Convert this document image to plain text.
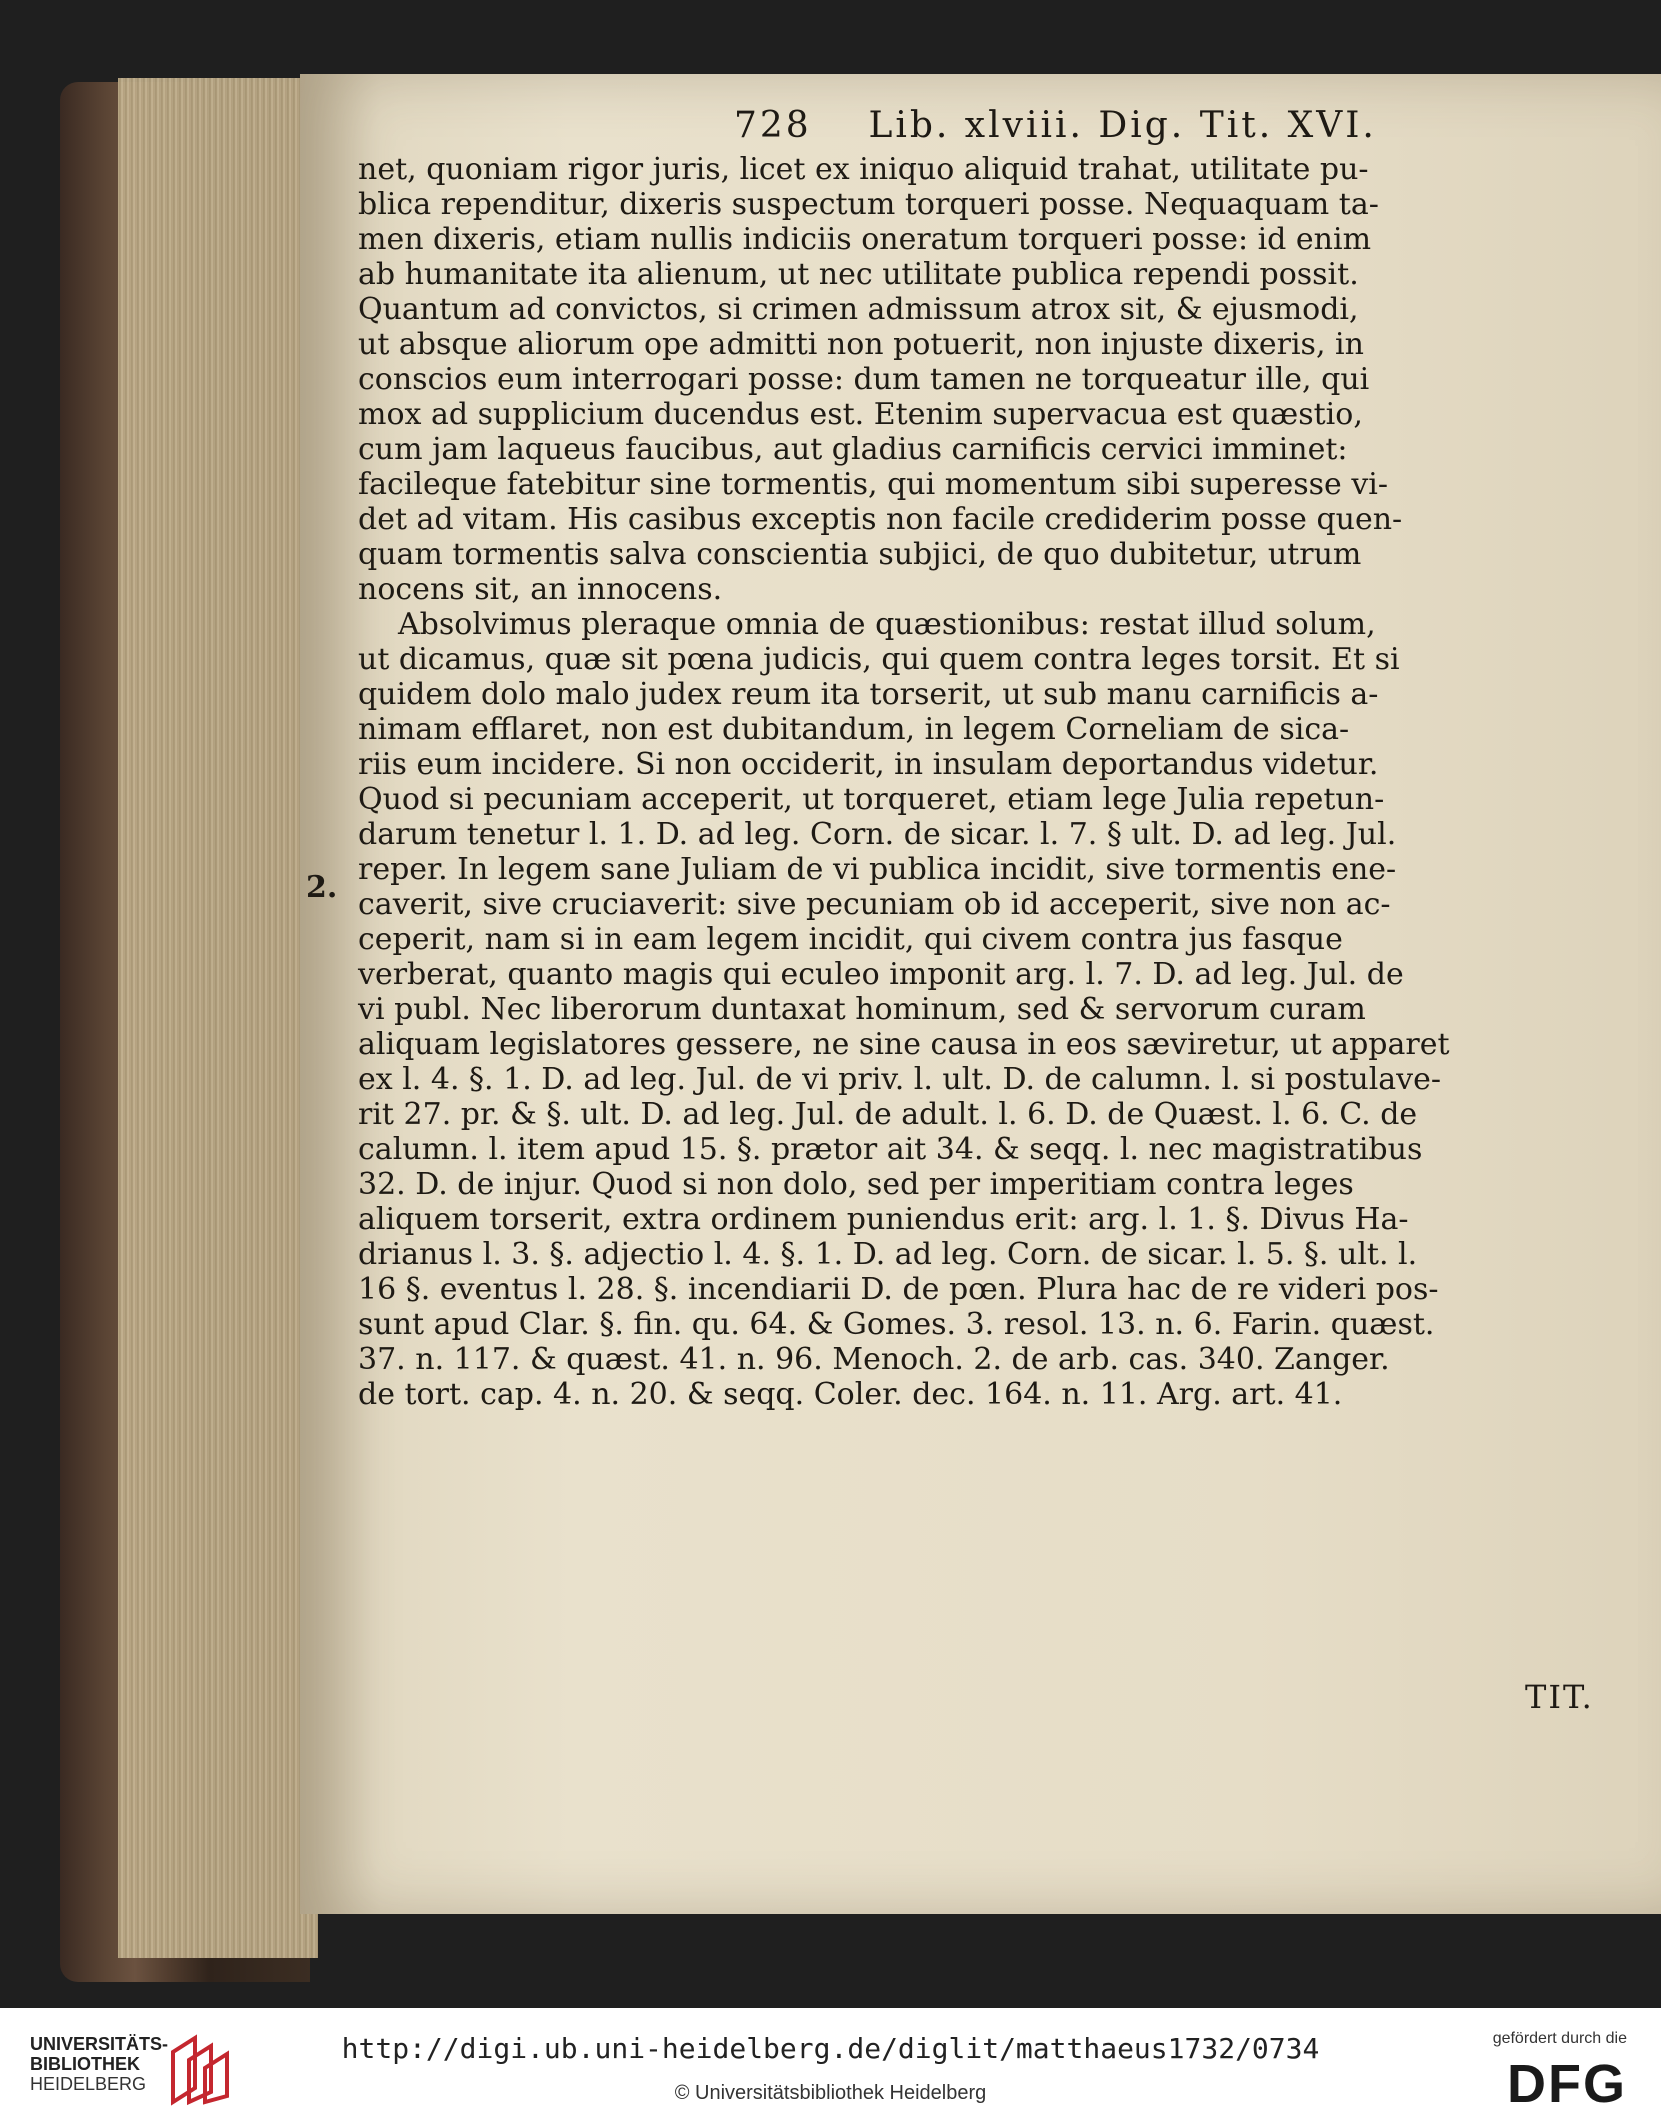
728 Lib. xlviii. Dig. Tit. XVI.
2.
net, quoniam rigor juris, licet ex iniquo aliquid trahat, utilitate pu-
blica rependitur, dixeris suspectum torqueri posse. Nequaquam ta-
men dixeris, etiam nullis indiciis oneratum torqueri posse: id enim
ab humanitate ita alienum, ut nec utilitate publica rependi possit.
Quantum ad convictos, si crimen admissum atrox sit, & ejusmodi,
ut absque aliorum ope admitti non potuerit, non injuste dixeris, in
conscios eum interrogari posse: dum tamen ne torqueatur ille, qui
mox ad supplicium ducendus est. Etenim supervacua est quæstio,
cum jam laqueus faucibus, aut gladius carnificis cervici imminet:
facileque fatebitur sine tormentis, qui momentum sibi superesse vi-
det ad vitam. His casibus exceptis non facile crediderim posse quen-
quam tormentis salva conscientia subjici, de quo dubitetur, utrum
nocens sit, an innocens.
Absolvimus pleraque omnia de quæstionibus: restat illud solum,
ut dicamus, quæ sit pœna judicis, qui quem contra leges torsit. Et si
quidem dolo malo judex reum ita torserit, ut sub manu carnificis a-
nimam efflaret, non est dubitandum, in legem Corneliam de sica-
riis eum incidere. Si non occiderit, in insulam deportandus videtur.
Quod si pecuniam acceperit, ut torqueret, etiam lege Julia repetun-
darum tenetur l. 1. D. ad leg. Corn. de sicar. l. 7. § ult. D. ad leg. Jul.
reper. In legem sane Juliam de vi publica incidit, sive tormentis ene-
caverit, sive cruciaverit: sive pecuniam ob id acceperit, sive non ac-
ceperit, nam si in eam legem incidit, qui civem contra jus fasque
verberat, quanto magis qui eculeo imponit arg. l. 7. D. ad leg. Jul. de
vi publ. Nec liberorum duntaxat hominum, sed & servorum curam
aliquam legislatores gessere, ne sine causa in eos sæviretur, ut apparet
ex l. 4. §. 1. D. ad leg. Jul. de vi priv. l. ult. D. de calumn. l. si postulave-
rit 27. pr. & §. ult. D. ad leg. Jul. de adult. l. 6. D. de Quæst. l. 6. C. de
calumn. l. item apud 15. §. prætor ait 34. & seqq. l. nec magistratibus
32. D. de injur. Quod si non dolo, sed per imperitiam contra leges
aliquem torserit, extra ordinem puniendus erit: arg. l. 1. §. Divus Ha-
drianus l. 3. §. adjectio l. 4. §. 1. D. ad leg. Corn. de sicar. l. 5. §. ult. l.
16 §. eventus l. 28. §. incendiarii D. de pœn. Plura hac de re videri pos-
sunt apud Clar. §. fin. qu. 64. & Gomes. 3. resol. 13. n. 6. Farin. quæst.
37. n. 117. & quæst. 41. n. 96. Menoch. 2. de arb. cas. 340. Zanger.
de tort. cap. 4. n. 20. & seqq. Coler. dec. 164. n. 11. Arg. art. 41.
TIT.
UNIVERSITÄTS-
BIBLIOTHEK
HEIDELBERG
http://digi.ub.uni-heidelberg.de/diglit/matthaeus1732/0734
© Universitätsbibliothek Heidelberg
gefördert durch die
DFG
